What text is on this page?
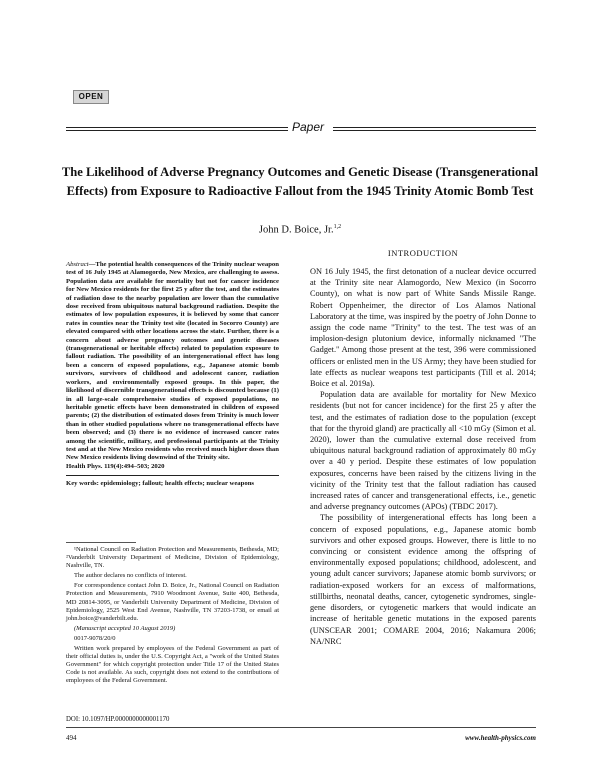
OPEN
Paper
The Likelihood of Adverse Pregnancy Outcomes and Genetic Disease (Transgenerational Effects) from Exposure to Radioactive Fallout from the 1945 Trinity Atomic Bomb Test
John D. Boice, Jr.$^{1,2}$

Abstract—The potential health consequences of the Trinity nuclear weapon test of 16 July 1945 at Alamogordo, New Mexico, are challenging to assess. Population data are available for mortality but not for cancer incidence for New Mexico residents for the first 25 y after the test, and the estimates of radiation dose to the nearby population are lower than the cumulative dose received from ubiquitous natural background radiation. Despite the estimates of low population exposures, it is believed by some that cancer rates in counties near the Trinity test site (located in Socorro County) are elevated compared with other locations across the state. Further, there is a concern about adverse pregnancy outcomes and genetic diseases (transgenerational or heritable effects) related to population exposure to fallout radiation. The possibility of an intergenerational effect has long been a concern of exposed populations, e.g., Japanese atomic bomb survivors, survivors of childhood and adolescent cancer, radiation workers, and environmentally exposed groups. In this paper, the likelihood of discernible transgenerational effects is discounted because (1) in all large-scale comprehensive studies of exposed populations, no heritable genetic effects have been demonstrated in children of exposed parents; (2) the distribution of estimated doses from Trinity is much lower than in other studied populations where no transgenerational effects have been observed; and (3) there is no evidence of increased cancer rates among the scientific, military, and professional participants at the Trinity test and at the New Mexico residents who received much higher doses than New Mexico residents living downwind of the Trinity site.

Health Phys. 119(4):494–503; 2020

Key words: epidemiology; fallout; health effects; nuclear weapons

INTRODUCTION

ON 16 July 1945, the first detonation of a nuclear device occurred at the Trinity site near Alamogordo, New Mexico (in Socorro County), on what is now part of White Sands Missile Range. Robert Oppenheimer, the director of Los Alamos National Laboratory at the time, was inspired by the poetry of John Donne to assign the code name "Trinity" to the test. The test was of an implosion-design plutonium device, informally nicknamed "The Gadget." Among those present at the test, 396 were commissioned officers or enlisted men in the US Army; they have been studied for late effects as nuclear weapons test participants (Till et al. 2014; Boice et al. 2019a).

Population data are available for mortality for New Mexico residents (but not for cancer incidence) for the first 25 y after the test, and the estimates of radiation dose to the population (except that for the thyroid gland) are practically all <10 mGy (Simon et al. 2020), lower than the cumulative external dose received from ubiquitous natural background radiation of approximately 80 mGy over a 40 y period. Despite these estimates of low population exposures, concerns have been raised by the citizens living in the vicinity of the Trinity test that the fallout radiation has caused increased rates of cancer and transgenerational effects, i.e., genetic and adverse pregnancy outcomes (APOs) (TBDC 2017).

The possibility of intergenerational effects has long been a concern of exposed populations, e.g., Japanese atomic bomb survivors and other exposed groups. However, there is little to no convincing or consistent evidence among the offspring of environmentally exposed populations; childhood, adolescent, and young adult cancer survivors; Japanese atomic bomb survivors; or radiation-exposed workers for an excess of malformations, stillbirths, neonatal deaths, cancer, cytogenetic syndromes, single-gene disorders, or cytogenetic markers that would indicate an increase of heritable genetic mutations in the exposed parents (UNSCEAR 2001; COMARE 2004, 2016; Nakamura 2006; NA/NRC

¹National Council on Radiation Protection and Measurements, Bethesda, MD; ²Vanderbilt University Department of Medicine, Division of Epidemiology, Nashville, TN.

The author declares no conflicts of interest.

For correspondence contact John D. Boice, Jr., National Council on Radiation Protection and Measurements, 7910 Woodmont Avenue, Suite 400, Bethesda, MD 20814-3095, or Vanderbilt University Department of Medicine, Division of Epidemiology, 2525 West End Avenue, Nashville, TN 37203-1738, or email at john.boice@vanderbilt.edu.

(Manuscript accepted 10 August 2019)

0017-9078/20/0

Written work prepared by employees of the Federal Government as part of their official duties is, under the U.S. Copyright Act, a "work of the United States Government" for which copyright protection under Title 17 of the United States Code is not available. As such, copyright does not extend to the contributions of employees of the Federal Government.

DOI: 10.1097/HP.0000000000001170
494	www.health-physics.com
